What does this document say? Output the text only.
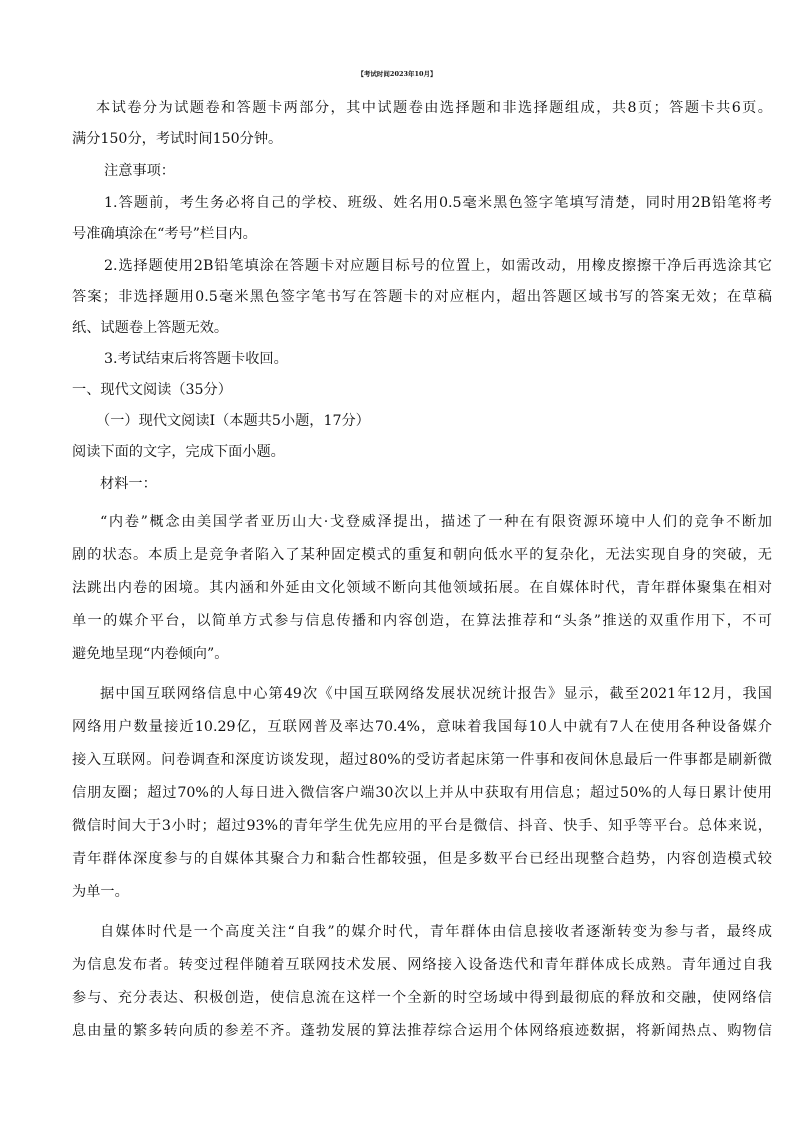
【考试时间2023年10月】
本试卷分为试题卷和答题卡两部分，其中试题卷由选择题和非选择题组成，共8页；答题卡共6页。
满分150分，考试时间150分钟。
注意事项：
1.答题前，考生务必将自己的学校、班级、姓名用0.5毫米黑色签字笔填写清楚，同时用2B铅笔将考
号准确填涂在“考号”栏目内。
2.选择题使用2B铅笔填涂在答题卡对应题目标号的位置上，如需改动，用橡皮擦擦干净后再选涂其它
答案；非选择题用0.5毫米黑色签字笔书写在答题卡的对应框内，超出答题区域书写的答案无效；在草稿
纸、试题卷上答题无效。
3.考试结束后将答题卡收回。
一、现代文阅读（35分）
（一）现代文阅读Ⅰ（本题共5小题，17分）
阅读下面的文字，完成下面小题。
材料一：
“内卷”概念由美国学者亚历山大·戈登威泽提出，描述了一种在有限资源环境中人们的竞争不断加
剧的状态。本质上是竞争者陷入了某种固定模式的重复和朝向低水平的复杂化，无法实现自身的突破，无
法跳出内卷的困境。其内涵和外延由文化领域不断向其他领域拓展。在自媒体时代，青年群体聚集在相对
单一的媒介平台，以简单方式参与信息传播和内容创造，在算法推荐和“头条”推送的双重作用下，不可
避免地呈现“内卷倾向”。
据中国互联网络信息中心第49次《中国互联网络发展状况统计报告》显示，截至2021年12月，我国
网络用户数量接近10.29亿，互联网普及率达70.4%，意味着我国每10人中就有7人在使用各种设备媒介
接入互联网。问卷调查和深度访谈发现，超过80%的受访者起床第一件事和夜间休息最后一件事都是刷新微
信朋友圈；超过70%的人每日进入微信客户端30次以上并从中获取有用信息；超过50%的人每日累计使用
微信时间大于3小时；超过93%的青年学生优先应用的平台是微信、抖音、快手、知乎等平台。总体来说，
青年群体深度参与的自媒体其聚合力和黏合性都较强，但是多数平台已经出现整合趋势，内容创造模式较
为单一。
自媒体时代是一个高度关注“自我”的媒介时代，青年群体由信息接收者逐渐转变为参与者，最终成
为信息发布者。转变过程伴随着互联网技术发展、网络接入设备迭代和青年群体成长成熟。青年通过自我
参与、充分表达、积极创造，使信息流在这样一个全新的时空场域中得到最彻底的释放和交融，使网络信
息由量的繁多转向质的参差不齐。蓬勃发展的算法推荐综合运用个体网络痕迹数据，将新闻热点、购物信
